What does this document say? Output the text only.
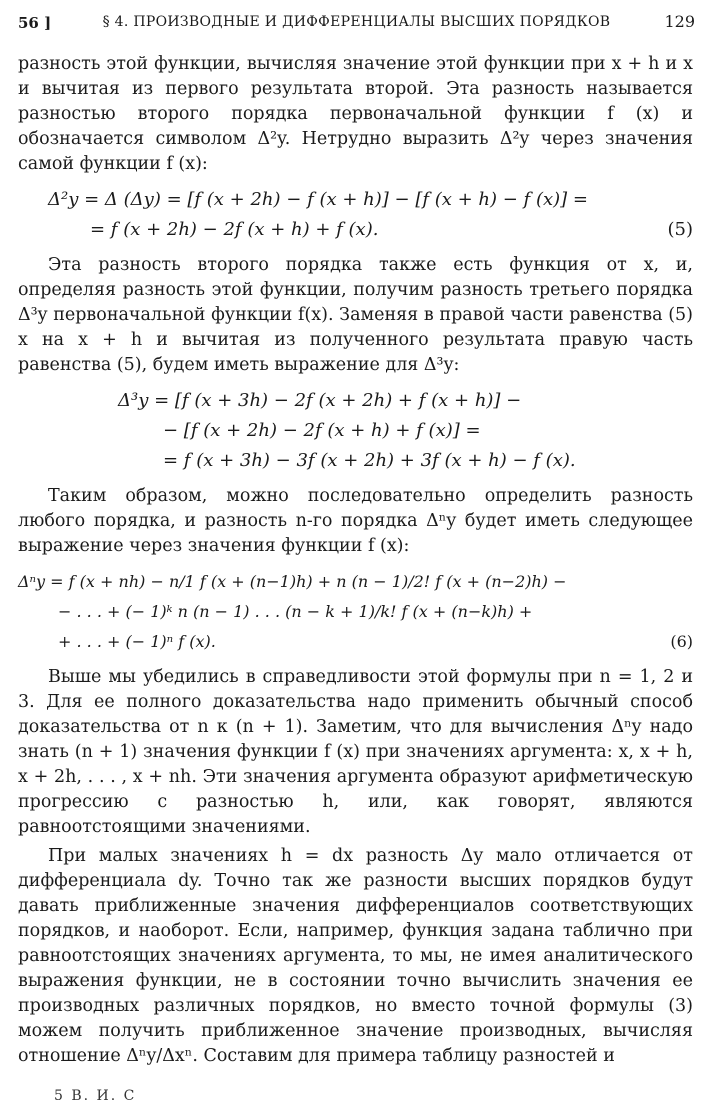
56 ]	§ 4. ПРОИЗВОДНЫЕ И ДИФФЕРЕНЦИАЛЫ ВЫСШИХ ПОРЯДКОВ	129

разность этой функции, вычисляя значение этой функции при x + h и x и вычитая из первого результата второй. Эта разность называется разностью второго порядка первоначальной функции f (x) и обозначается символом Δ²y. Нетрудно выразить Δ²y через значения самой функции f (x):

Δ²y = Δ (Δy) = [f (x + 2h) − f (x + h)] − [f (x + h) − f (x)] =
= f (x + 2h) − 2f (x + h) + f (x).	(5)

Эта разность второго порядка также есть функция от x, и, определяя разность этой функции, получим разность третьего порядка Δ³y первоначальной функции f(x). Заменяя в правой части равенства (5) x на x + h и вычитая из полученного результата правую часть равенства (5), будем иметь выражение для Δ³y:

Δ³y = [f (x + 3h) − 2f (x + 2h) + f (x + h)] −
− [f (x + 2h) − 2f (x + h) + f (x)] =
= f (x + 3h) − 3f (x + 2h) + 3f (x + h) − f (x).

Таким образом, можно последовательно определить разность любого порядка, и разность n-го порядка Δⁿy будет иметь следующее выражение через значения функции f (x):

Δⁿy = f (x + nh) − n/1 f (x + (n−1)h) + n (n − 1)/2! f (x + (n−2)h) −
− . . . + (− 1)ᵏ n (n − 1) . . . (n − k + 1)/k! f (x + (n−k)h) +
+ . . . + (− 1)ⁿ f (x).	(6)

Выше мы убедились в справедливости этой формулы при n = 1, 2 и 3. Для ее полного доказательства надо применить обычный способ доказательства от n к (n + 1). Заметим, что для вычисления Δⁿy надо знать (n + 1) значения функции f (x) при значениях аргумента: x, x + h, x + 2h, . . . , x + nh. Эти значения аргумента образуют арифметическую прогрессию с разностью h, или, как говорят, являются равноотстоящими значениями.

При малых значениях h = dx разность Δy мало отличается от дифференциала dy. Точно так же разности высших порядков будут давать приближенные значения дифференциалов соответствующих порядков, и наоборот. Если, например, функция задана таблично при равноотстоящих значениях аргумента, то мы, не имея аналитического выражения функции, не в состоянии точно вычислить значения ее производных различных порядков, но вместо точной формулы (3) можем получить приближенное значение производных, вычисляя отношение Δⁿy/Δxⁿ. Составим для примера таблицу разностей и

5 В. И. С
